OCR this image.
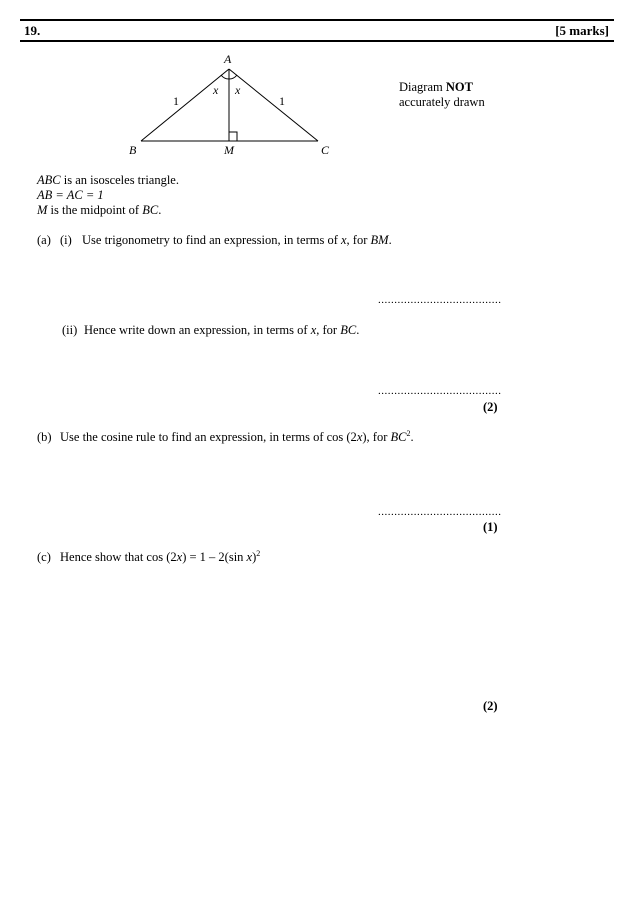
19.	[5 marks]
A
x x
1	1
B	M	C
Diagram NOT
accurately drawn
ABC is an isosceles triangle.
AB = AC = 1
M is the midpoint of BC.
(a) (i) Use trigonometry to find an expression, in terms of x, for BM.
......................................
(ii) Hence write down an expression, in terms of x, for BC.
......................................
(2)
(b) Use the cosine rule to find an expression, in terms of cos (2x), for $BC^2$.
......................................
(1)
(c) Hence show that cos (2x) = 1 – 2(sin x)$^2$
(2)
